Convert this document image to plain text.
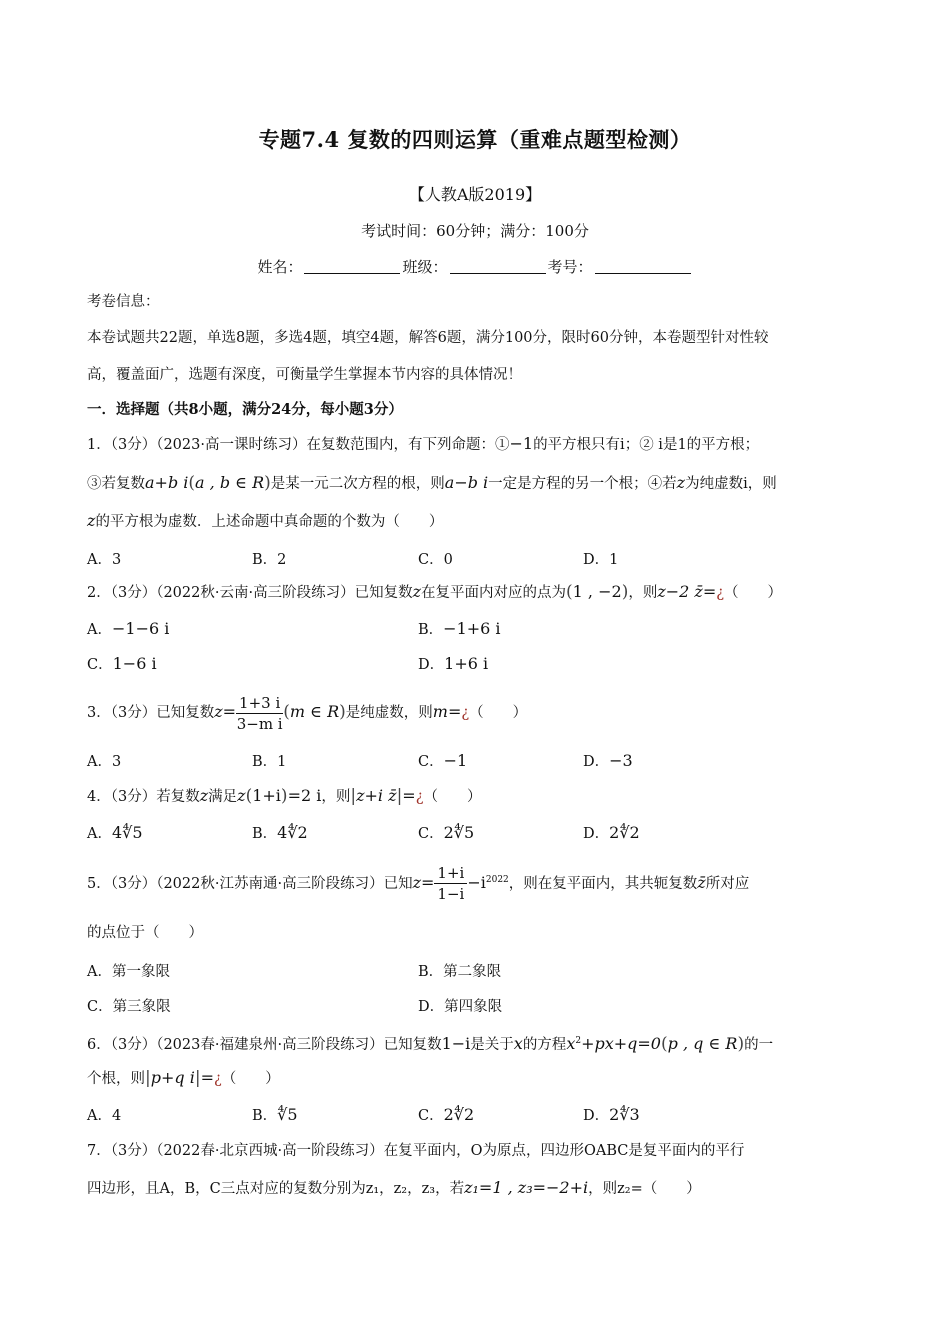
专题7.4 复数的四则运算（重难点题型检测）
【人教A版2019】
考试时间：60分钟；满分：100分
姓名：	班级：	考号：
考卷信息：
本卷试题共22题，单选8题，多选4题，填空4题，解答6题，满分100分，限时60分钟，本卷题型针对性较
高，覆盖面广，选题有深度，可衡量学生掌握本节内容的具体情况！
一．选择题（共8小题，满分24分，每小题3分）
1．（3分）（2023·高一课时练习）在复数范围内，有下列命题：①−1的平方根只有i；② i是1的平方根；
③若复数a+b i(a , b ∈ R)是某一元二次方程的根，则a−b i一定是方程的另一个根；④若z为纯虚数i，则
z的平方根为虚数．上述命题中真命题的个数为（　　）
A．3	B．2	C．0	D．1
2．（3分）（2022秋·云南·高三阶段练习）已知复数z在复平面内对应的点为(1 , −2)，则z−2 z̄=¿（　　）
A．−1−6 i	B．−1+6 i
C．1−6 i	D．1+6 i
3．（3分）已知复数$z= \frac{1+3 i}{\text{3−m i}} (m$ ∈ R)是纯虚数，则m=¿（　　）
A．3	B．1	C．−1	D．−3
4．（3分）若复数z满足z(1+i)=2 i，则|z+i z̄|=¿（　　）
A．4∜5	B．4∜2	C．2∜5	D．2∜2
5．（3分）（2022秋·江苏南通·高三阶段练习）已知$z= \frac{1+i}{1-i} -i^{2022}$，则在复平面内，其共轭复数z̄所对应
的点位于（　　）
A．第一象限	B．第二象限
C．第三象限	D．第四象限
6．（3分）（2023春·福建泉州·高三阶段练习）已知复数1−i是关于x的方程$x^2+px+q=0(p$ , q ∈ R)的一
个根，则|p+q i|=¿（　　）
A．4	B．∜5	C．2∜2	D．2∜3
7．（3分）（2022春·北京西城·高一阶段练习）在复平面内，O为原点，四边形OABC是复平面内的平行
四边形，且A，B，C三点对应的复数分别为z₁，z₂，z₃，若z₁=1 , z₃=−2+i，则z₂=（　　）
